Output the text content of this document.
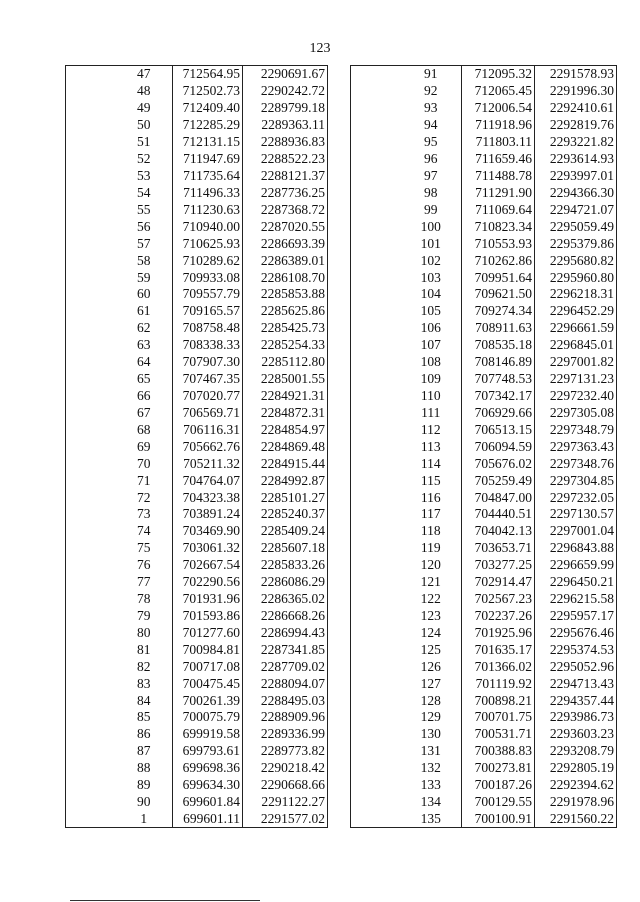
123
	47	712564.95	2290691.67
	48	712502.73	2290242.72
	49	712409.40	2289799.18
	50	712285.29	2289363.11
	51	712131.15	2288936.83
	52	711947.69	2288522.23
	53	711735.64	2288121.37
	54	711496.33	2287736.25
	55	711230.63	2287368.72
	56	710940.00	2287020.55
	57	710625.93	2286693.39
	58	710289.62	2286389.01
	59	709933.08	2286108.70
	60	709557.79	2285853.88
	61	709165.57	2285625.86
	62	708758.48	2285425.73
	63	708338.33	2285254.33
	64	707907.30	2285112.80
	65	707467.35	2285001.55
	66	707020.77	2284921.31
	67	706569.71	2284872.31
	68	706116.31	2284854.97
	69	705662.76	2284869.48
	70	705211.32	2284915.44
	71	704764.07	2284992.87
	72	704323.38	2285101.27
	73	703891.24	2285240.37
	74	703469.90	2285409.24
	75	703061.32	2285607.18
	76	702667.54	2285833.26
	77	702290.56	2286086.29
	78	701931.96	2286365.02
	79	701593.86	2286668.26
	80	701277.60	2286994.43
	81	700984.81	2287341.85
	82	700717.08	2287709.02
	83	700475.45	2288094.07
	84	700261.39	2288495.03
	85	700075.79	2288909.96
	86	699919.58	2289336.99
	87	699793.61	2289773.82
	88	699698.36	2290218.42
	89	699634.30	2290668.66
	90	699601.84	2291122.27
	1	699601.11	2291577.02
	91	712095.32	2291578.93
	92	712065.45	2291996.30
	93	712006.54	2292410.61
	94	711918.96	2292819.76
	95	711803.11	2293221.82
	96	711659.46	2293614.93
	97	711488.78	2293997.01
	98	711291.90	2294366.30
	99	711069.64	2294721.07
	100	710823.34	2295059.49
	101	710553.93	2295379.86
	102	710262.86	2295680.82
	103	709951.64	2295960.80
	104	709621.50	2296218.31
	105	709274.34	2296452.29
	106	708911.63	2296661.59
	107	708535.18	2296845.01
	108	708146.89	2297001.82
	109	707748.53	2297131.23
	110	707342.17	2297232.40
	111	706929.66	2297305.08
	112	706513.15	2297348.79
	113	706094.59	2297363.43
	114	705676.02	2297348.76
	115	705259.49	2297304.85
	116	704847.00	2297232.05
	117	704440.51	2297130.57
	118	704042.13	2297001.04
	119	703653.71	2296843.88
	120	703277.25	2296659.99
	121	702914.47	2296450.21
	122	702567.23	2296215.58
	123	702237.26	2295957.17
	124	701925.96	2295676.46
	125	701635.17	2295374.53
	126	701366.02	2295052.96
	127	701119.92	2294713.43
	128	700898.21	2294357.44
	129	700701.75	2293986.73
	130	700531.71	2293603.23
	131	700388.83	2293208.79
	132	700273.81	2292805.19
	133	700187.26	2292394.62
	134	700129.55	2291978.96
	135	700100.91	2291560.22
